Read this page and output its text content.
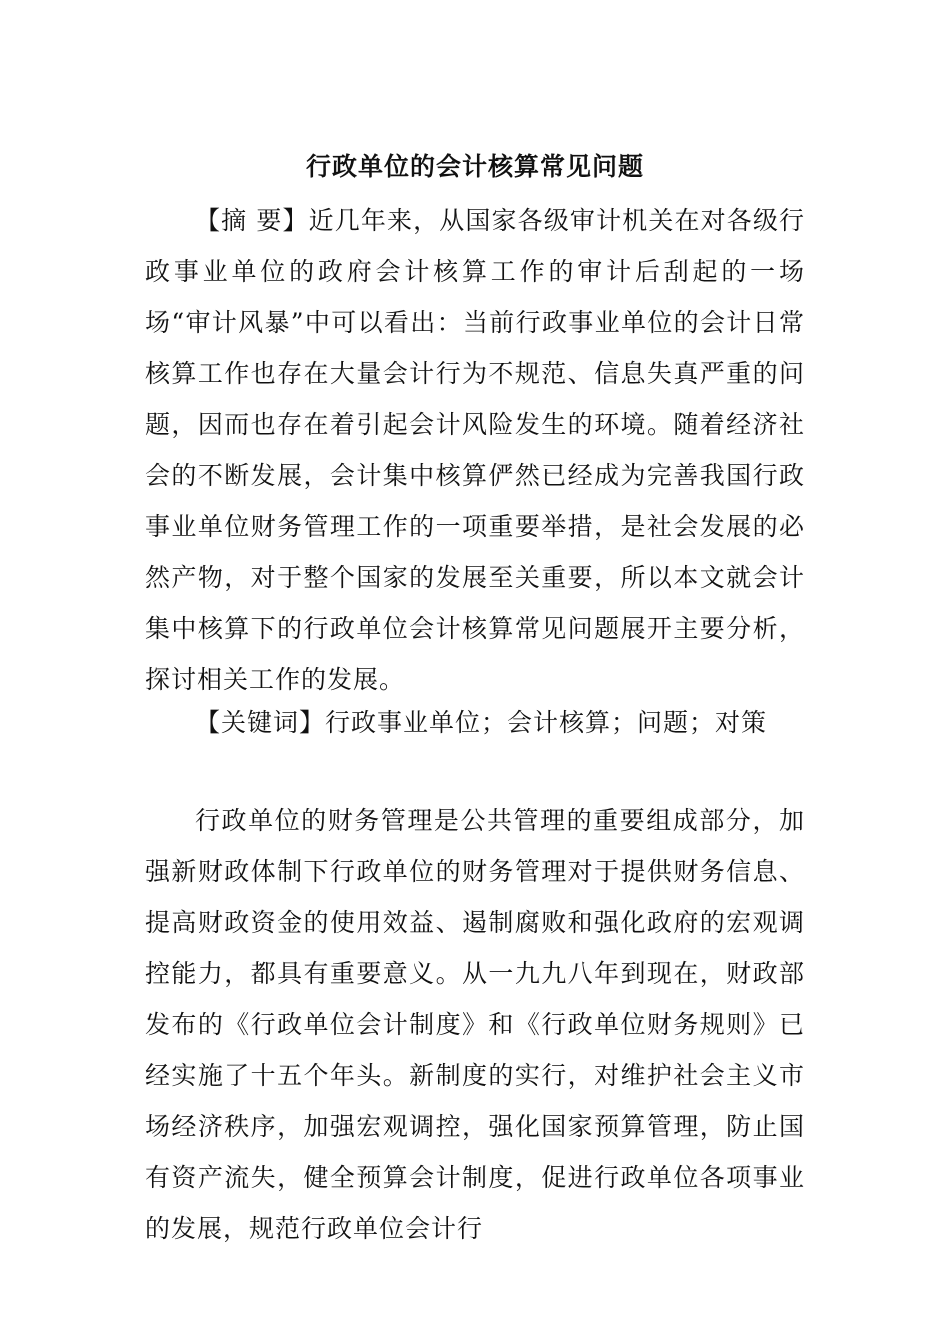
行政单位的会计核算常见问题

【摘 要】近几年来，从国家各级审计机关在对各级行政事业单位的政府会计核算工作的审计后刮起的一场场“审计风暴”中可以看出：当前行政事业单位的会计日常核算工作也存在大量会计行为不规范、信息失真严重的问题，因而也存在着引起会计风险发生的环境。随着经济社会的不断发展，会计集中核算俨然已经成为完善我国行政事业单位财务管理工作的一项重要举措，是社会发展的必然产物，对于整个国家的发展至关重要，所以本文就会计集中核算下的行政单位会计核算常见问题展开主要分析，探讨相关工作的发展。

【关键词】行政事业单位；会计核算；问题；对策

行政单位的财务管理是公共管理的重要组成部分，加强新财政体制下行政单位的财务管理对于提供财务信息、提高财政资金的使用效益、遏制腐败和强化政府的宏观调控能力，都具有重要意义。从一九九八年到现在，财政部发布的《行政单位会计制度》和《行政单位财务规则》已经实施了十五个年头。新制度的实行，对维护社会主义市场经济秩序，加强宏观调控，强化国家预算管理，防止国有资产流失，健全预算会计制度，促进行政单位各项事业的发展，规范行政单位会计行
